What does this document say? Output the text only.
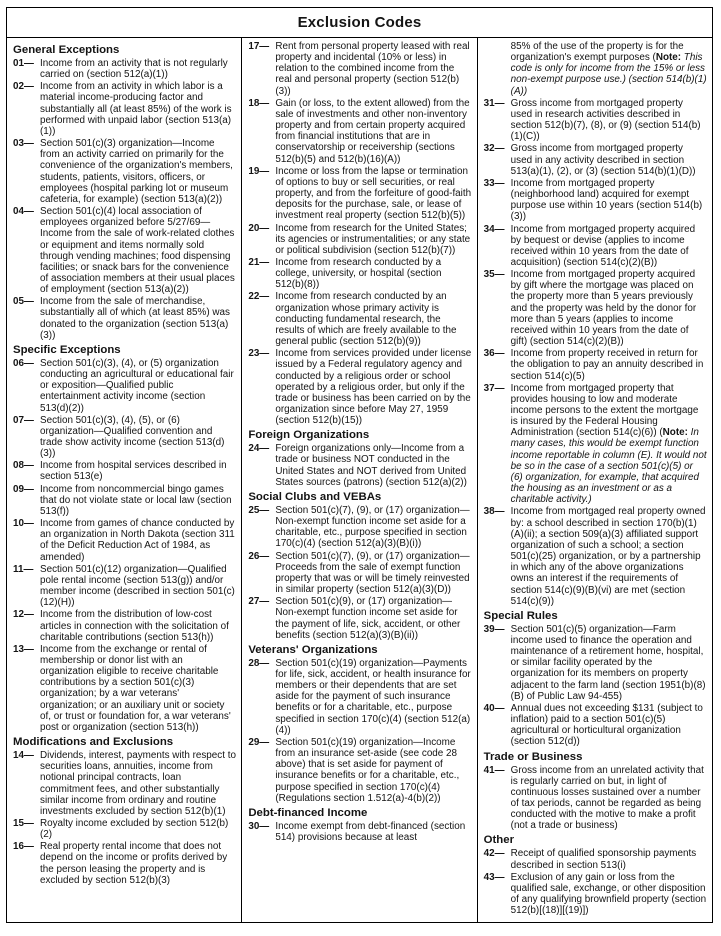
Exclusion Codes
General Exceptions
01— Income from an activity that is not regularly carried on (section 512(a)(1))
02— Income from an activity in which labor is a material income-producing factor and substantially all (at least 85%) of the work is performed with unpaid labor (section 513(a)(1))
03— Section 501(c)(3) organization—Income from an activity carried on primarily for the convenience of the organization's members, students, patients, visitors, officers, or employees (hospital parking lot or museum cafeteria, for example) (section 513(a)(2))
04— Section 501(c)(4) local association of employees organized before 5/27/69—Income from the sale of work-related clothes or equipment and items normally sold through vending machines; food dispensing facilities; or snack bars for the convenience of association members at their usual places of employment (section 513(a)(2))
05— Income from the sale of merchandise, substantially all of which (at least 85%) was donated to the organization (section 513(a)(3))
Specific Exceptions
06— Section 501(c)(3), (4), or (5) organization conducting an agricultural or educational fair or exposition—Qualified public entertainment activity income (section 513(d)(2))
07— Section 501(c)(3), (4), (5), or (6) organization—Qualified convention and trade show activity income (section 513(d)(3))
08— Income from hospital services described in section 513(e)
09— Income from noncommercial bingo games that do not violate state or local law (section 513(f))
10— Income from games of chance conducted by an organization in North Dakota (section 311 of the Deficit Reduction Act of 1984, as amended)
11— Section 501(c)(12) organization—Qualified pole rental income (section 513(g)) and/or member income (described in section 501(c)(12)(H))
12— Income from the distribution of low-cost articles in connection with the solicitation of charitable contributions (section 513(h))
13— Income from the exchange or rental of membership or donor list with an organization eligible to receive charitable contributions by a section 501(c)(3) organization; by a war veterans' organization; or an auxiliary unit or society of, or trust or foundation for, a war veterans' post or organization (section 513(h))
Modifications and Exclusions
14— Dividends, interest, payments with respect to securities loans, annuities, income from notional principal contracts, loan commitment fees, and other substantially similar income from ordinary and routine investments excluded by section 512(b)(1)
15— Royalty income excluded by section 512(b)(2)
16— Real property rental income that does not depend on the income or profits derived by the person leasing the property and is excluded by section 512(b)(3)
17— Rent from personal property leased with real property and incidental (10% or less) in relation to the combined income from the real and personal property (section 512(b)(3))
18— Gain (or loss, to the extent allowed) from the sale of investments and other non-inventory property and from certain property acquired from financial institutions that are in conservatorship or receivership (sections 512(b)(5) and 512(b)(16)(A))
19— Income or loss from the lapse or termination of options to buy or sell securities, or real property, and from the forfeiture of good-faith deposits for the purchase, sale, or lease of investment real property (section 512(b)(5))
20— Income from research for the United States; its agencies or instrumentalities; or any state or political subdivision (section 512(b)(7))
21— Income from research conducted by a college, university, or hospital (section 512(b)(8))
22— Income from research conducted by an organization whose primary activity is conducting fundamental research, the results of which are freely available to the general public (section 512(b)(9))
23— Income from services provided under license issued by a Federal regulatory agency and conducted by a religious order or school operated by a religious order, but only if the trade or business has been carried on by the organization since before May 27, 1959 (section 512(b)(15))
Foreign Organizations
24— Foreign organizations only—Income from a trade or business NOT conducted in the United States and NOT derived from United States sources (patrons) (section 512(a)(2))
Social Clubs and VEBAs
25— Section 501(c)(7), (9), or (17) organization—Non-exempt function income set aside for a charitable, etc., purpose specified in section 170(c)(4) (section 512(a)(3)(B)(i))
26— Section 501(c)(7), (9), or (17) organization—Proceeds from the sale of exempt function property that was or will be timely reinvested in similar property (section 512(a)(3)(D))
27— Section 501(c)(9), or (17) organization—Non-exempt function income set aside for the payment of life, sick, accident, or other benefits (section 512(a)(3)(B)(ii))
Veterans' Organizations
28— Section 501(c)(19) organization—Payments for life, sick, accident, or health insurance for members or their dependents that are set aside for the payment of such insurance benefits or for a charitable, etc., purpose specified in section 170(c)(4) (section 512(a)(4))
29— Section 501(c)(19) organization—Income from an insurance set-aside (see code 28 above) that is set aside for payment of insurance benefits or for a charitable, etc., purpose specified in section 170(c)(4) (Regulations section 1.512(a)-4(b)(2))
Debt-financed Income
30— Income exempt from debt-financed (section 514) provisions because at least
85% of the use of the property is for the organization's exempt purposes (Note: This code is only for income from the 15% or less non-exempt purpose use.) (section 514(b)(1)(A))
31— Gross income from mortgaged property used in research activities described in section 512(b)(7), (8), or (9) (section 514(b)(1)(C))
32— Gross income from mortgaged property used in any activity described in section 513(a)(1), (2), or (3) (section 514(b)(1)(D))
33— Income from mortgaged property (neighborhood land) acquired for exempt purpose use within 10 years (section 514(b)(3))
34— Income from mortgaged property acquired by bequest or devise (applies to income received within 10 years from the date of acquisition) (section 514(c)(2)(B))
35— Income from mortgaged property acquired by gift where the mortgage was placed on the property more than 5 years previously and the property was held by the donor for more than 5 years (applies to income received within 10 years from the date of gift) (section 514(c)(2)(B))
36— Income from property received in return for the obligation to pay an annuity described in section 514(c)(5)
37— Income from mortgaged property that provides housing to low and moderate income persons to the extent the mortgage is insured by the Federal Housing Administration (section 514(c)(6)) (Note: In many cases, this would be exempt function income reportable in column (E). It would not be so in the case of a section 501(c)(5) or (6) organization, for example, that acquired the housing as an investment or as a charitable activity.)
38— Income from mortgaged real property owned by: a school described in section 170(b)(1)(A)(ii); a section 509(a)(3) affiliated support organization of such a school; a section 501(c)(25) organization, or by a partnership in which any of the above organizations owns an interest if the requirements of section 514(c)(9)(B)(vi) are met (section 514(c)(9))
Special Rules
39— Section 501(c)(5) organization—Farm income used to finance the operation and maintenance of a retirement home, hospital, or similar facility operated by the organization for its members on property adjacent to the farm land (section 1951(b)(8)(B) of Public Law 94-455)
40— Annual dues not exceeding $131 (subject to inflation) paid to a section 501(c)(5) agricultural or horticultural organization (section 512(d))
Trade or Business
41— Gross income from an unrelated activity that is regularly carried on but, in light of continuous losses sustained over a number of tax periods, cannot be regarded as being conducted with the motive to make a profit (not a trade or business)
Other
42— Receipt of qualified sponsorship payments described in section 513(i)
43— Exclusion of any gain or loss from the qualified sale, exchange, or other disposition of any qualifying brownfield property (section 512(b)[(18)][(19)])
